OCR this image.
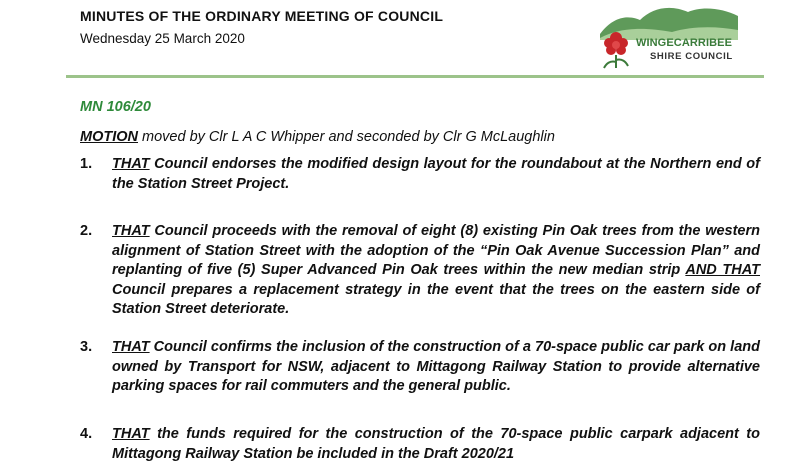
MINUTES OF THE ORDINARY MEETING OF COUNCIL
Wednesday 25 March 2020	WINGECARRIBEE
SHIRE COUNCIL
MN 106/20
MOTION moved by Clr L A C Whipper and seconded by Clr G McLaughlin
1. THAT Council endorses the modified design layout for the roundabout at the Northern end of the Station Street Project.
2. THAT Council proceeds with the removal of eight (8) existing Pin Oak trees from the western alignment of Station Street with the adoption of the “Pin Oak Avenue Succession Plan” and replanting of five (5) Super Advanced Pin Oak trees within the new median strip AND THAT Council prepares a replacement strategy in the event that the trees on the eastern side of Station Street deteriorate.
3. THAT Council confirms the inclusion of the construction of a 70-space public car park on land owned by Transport for NSW, adjacent to Mittagong Railway Station to provide alternative parking spaces for rail commuters and the general public.
4. THAT the funds required for the construction of the 70-space public carpark adjacent to Mittagong Railway Station be included in the Draft 2020/21
